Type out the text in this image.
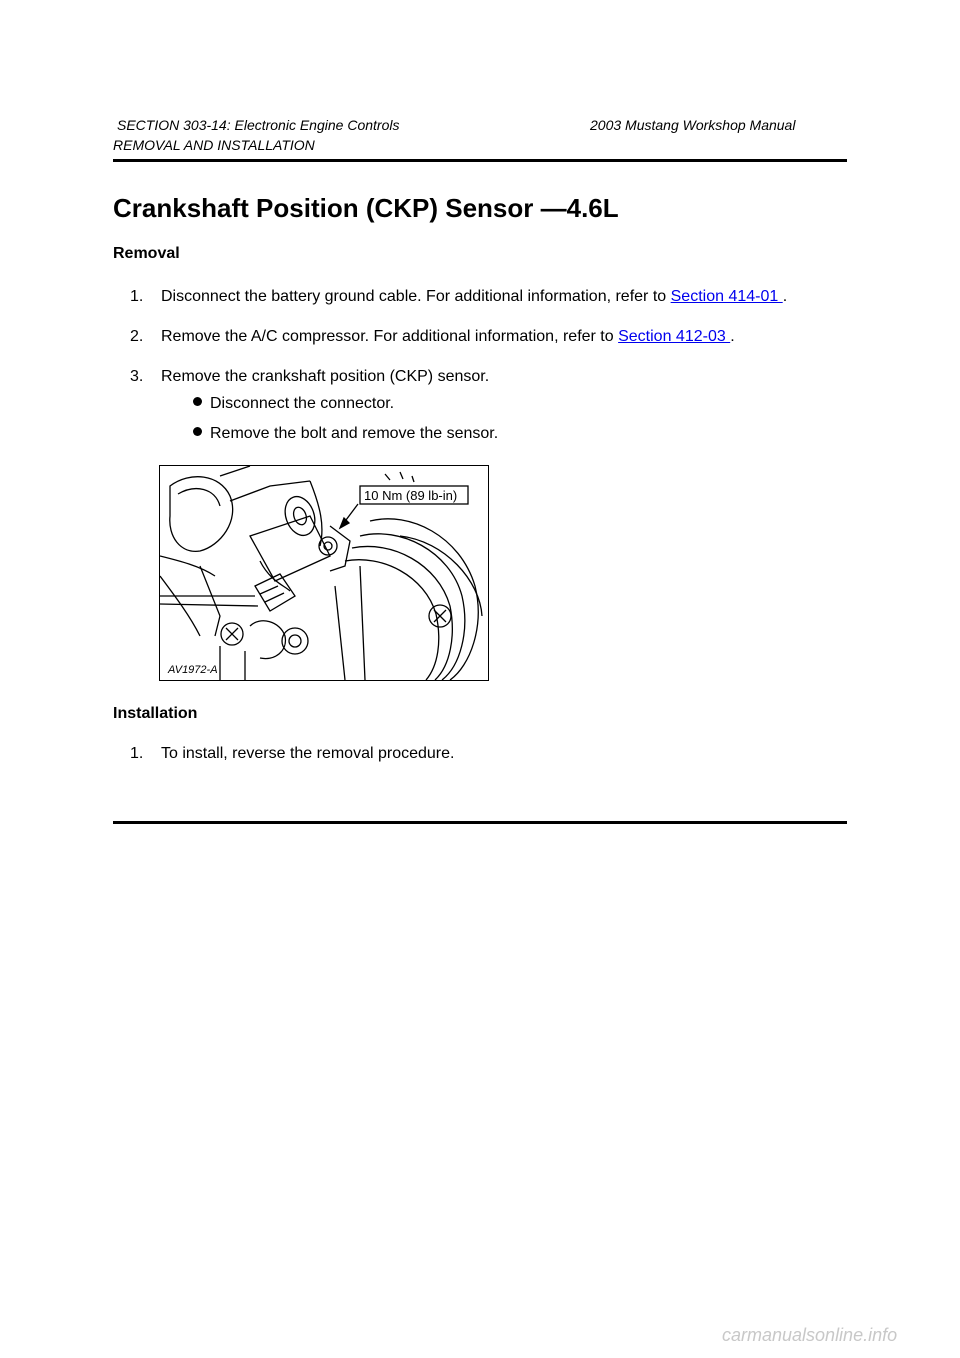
SECTION 303-14: Electronic Engine Controls	2003 Mustang Workshop Manual
REMOVAL AND INSTALLATION
Crankshaft Position (CKP) Sensor —4.6L
Removal
1. Disconnect the battery ground cable. For additional information, refer to Section 414-01 .
2. Remove the A/C compressor. For additional information, refer to Section 412-03 .
3. Remove the crankshaft position (CKP) sensor.
Disconnect the connector.
Remove the bolt and remove the sensor.
10 Nm (89 lb-in)
AV1972-A
Installation
1. To install, reverse the removal procedure.
carmanualsonline.info
